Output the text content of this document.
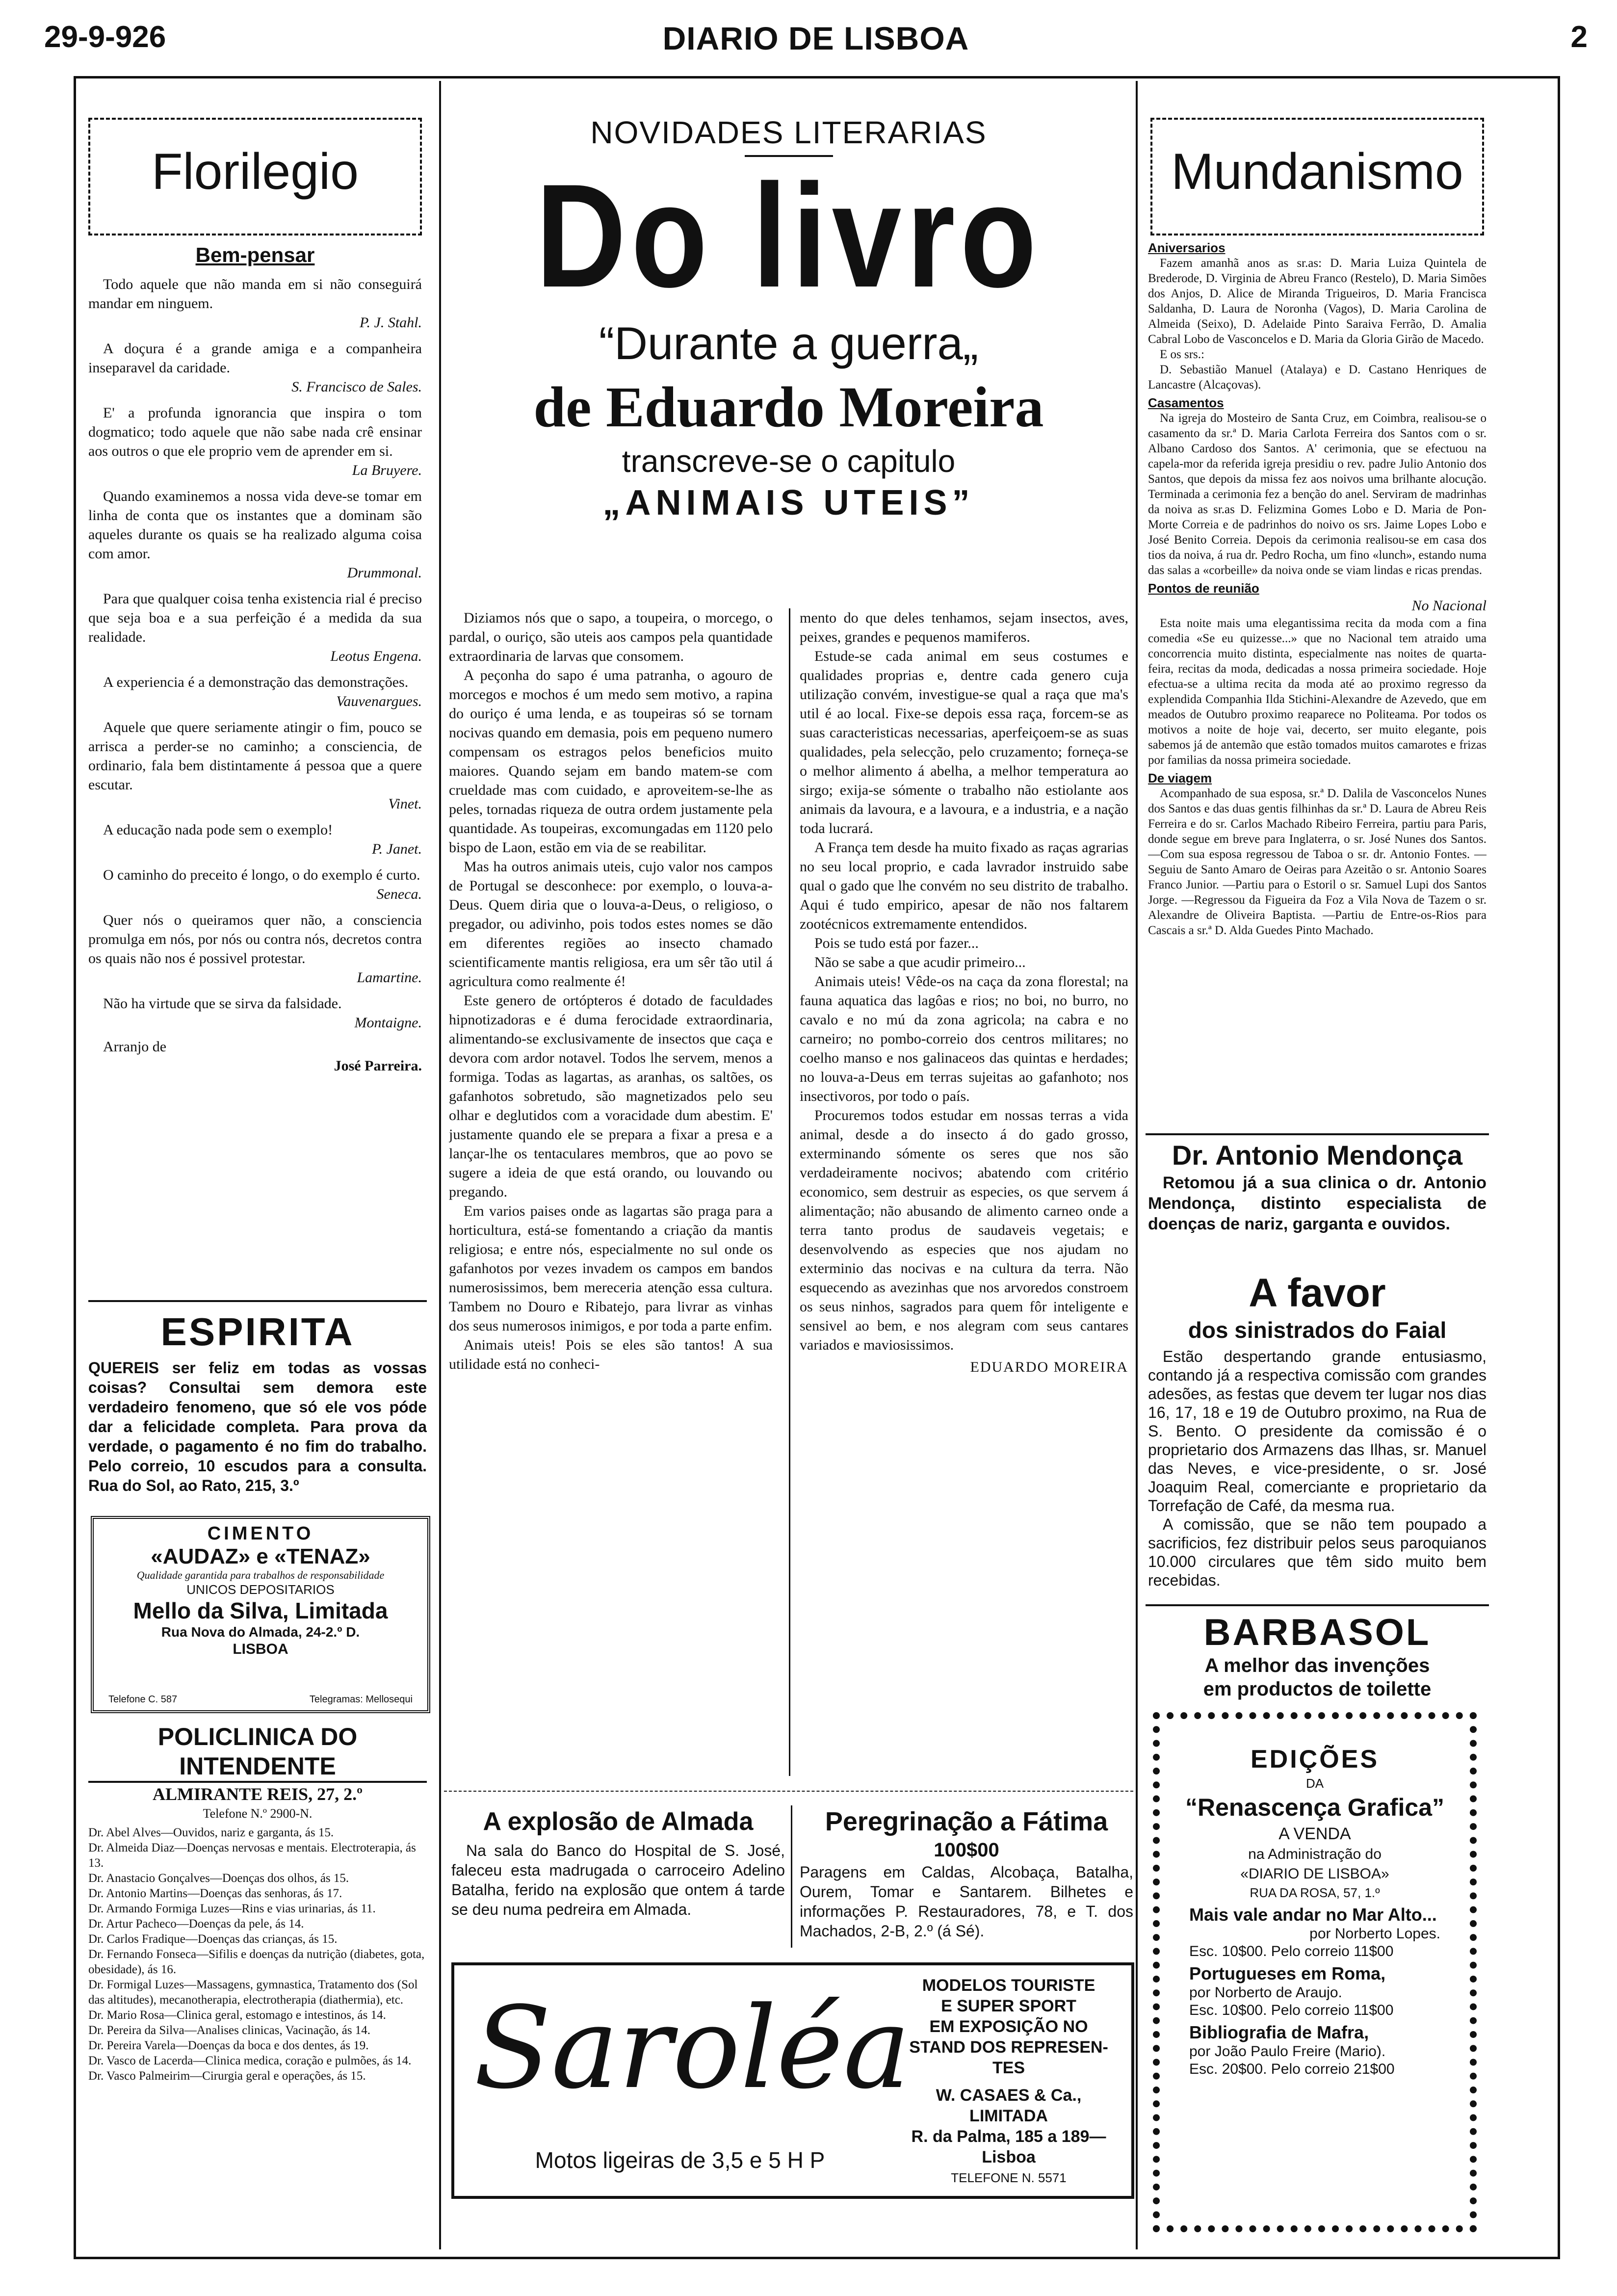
29-9-926	DIARIO DE LISBOA	2
Florilegio
Bem-pensar

Todo aquele que não manda em si não conseguirá mandar em ninguem.

P. J. Stahl.

A doçura é a grande amiga e a companheira inseparavel da caridade.

S. Francisco de Sales.

E' a profunda ignorancia que inspira o tom dogmatico; todo aquele que não sabe nada crê ensinar aos outros o que ele proprio vem de aprender em si.

La Bruyere.

Quando examinemos a nossa vida deve-se tomar em linha de conta que os instantes que a dominam são aqueles durante os quais se ha realizado alguma coisa com amor.

Drummonal.

Para que qualquer coisa tenha existencia rial é preciso que seja boa e a sua perfeição é a medida da sua realidade.

Leotus Engena.

A experiencia é a demonstração das demonstrações.

Vauvenargues.

Aquele que quere seriamente atingir o fim, pouco se arrisca a perder-se no caminho; a consciencia, de ordinario, fala bem distintamente á pessoa que a quere escutar.

Vinet.

A educação nada pode sem o exemplo!

P. Janet.

O caminho do preceito é longo, o do exemplo é curto.

Seneca.

Quer nós o queiramos quer não, a consciencia promulga em nós, por nós ou contra nós, decretos contra os quais não nos é possivel protestar.

Lamartine.

Não ha virtude que se sirva da falsidade.

Montaigne.

Arranjo de

José Parreira.

ESPIRITA

QUEREIS ser feliz em todas as vossas coisas? Consultai sem demora este verdadeiro fenomeno, que só ele vos póde dar a felicidade completa. Para prova da verdade, o pagamento é no fim do trabalho. Pelo correio, 10 escudos para a consulta. Rua do Sol, ao Rato, 215, 3.º

CIMENTO
«AUDAZ» e «TENAZ»
Qualidade garantida para trabalhos de responsabilidade
UNICOS DEPOSITARIOS
Mello da Silva, Limitada
Rua Nova do Almada, 24-2.º D.
LISBOA
Telefone C. 587	Telegramas: Mellosequi
POLICLINICA DO INTENDENTE
ALMIRANTE REIS, 27, 2.º
Telefone N.º 2900-N.

Dr. Abel Alves—Ouvidos, nariz e garganta, ás 15.

Dr. Almeida Diaz—Doenças nervosas e mentais. Electroterapia, ás 13.

Dr. Anastacio Gonçalves—Doenças dos olhos, ás 15.

Dr. Antonio Martins—Doenças das senhoras, ás 17.

Dr. Armando Formiga Luzes—Rins e vias urinarias, ás 11.

Dr. Artur Pacheco—Doenças da pele, ás 14.

Dr. Carlos Fradique—Doenças das crianças, ás 15.

Dr. Fernando Fonseca—Sifilis e doenças da nutrição (diabetes, gota, obesidade), ás 16.

Dr. Formigal Luzes—Massagens, gymnastica, Tratamento dos (Sol das altitudes), mecanotherapia, electrotherapia (diathermia), etc.

Dr. Mario Rosa—Clinica geral, estomago e intestinos, ás 14.

Dr. Pereira da Silva—Analises clinicas, Vacinação, ás 14.

Dr. Pereira Varela—Doenças da boca e dos dentes, ás 19.

Dr. Vasco de Lacerda—Clinica medica, coração e pulmões, ás 14.

Dr. Vasco Palmeirim—Cirurgia geral e operações, ás 15.

NOVIDADES LITERARIAS
Do livro
“Durante a guerra„
de Eduardo Moreira
transcreve-se o capitulo
„ANIMAIS UTEIS”

Diziamos nós que o sapo, a toupeira, o morcego, o pardal, o ouriço, são uteis aos campos pela quantidade extraordinaria de larvas que consomem.

A peçonha do sapo é uma patranha, o agouro de morcegos e mochos é um medo sem motivo, a rapina do ouriço é uma lenda, e as toupeiras só se tornam nocivas quando em demasia, pois em pequeno numero compensam os estragos pelos beneficios muito maiores. Quando sejam em bando matem-se com crueldade mas com cuidado, e aproveitem-se-lhe as peles, tornadas riqueza de outra ordem justamente pela quantidade. As toupeiras, excomungadas em 1120 pelo bispo de Laon, estão em via de se reabilitar.

Mas ha outros animais uteis, cujo valor nos campos de Portugal se desconhece: por exemplo, o louva-a-Deus. Quem diria que o louva-a-Deus, o religioso, o pregador, ou adivinho, pois todos estes nomes se dão em diferentes regiões ao insecto chamado scientificamente mantis religiosa, era um sêr tão util á agricultura como realmente é!

Este genero de ortópteros é dotado de faculdades hipnotizadoras e é duma ferocidade extraordinaria, alimentando-se exclusivamente de insectos que caça e devora com ardor notavel. Todos lhe servem, menos a formiga. Todas as lagartas, as aranhas, os saltões, os gafanhotos sobretudo, são magnetizados pelo seu olhar e deglutidos com a voracidade dum abestim. E' justamente quando ele se prepara a fixar a presa e a lançar-lhe os tentaculares membros, que ao povo se sugere a ideia de que está orando, ou louvando ou pregando.

Em varios paises onde as lagartas são praga para a horticultura, está-se fomentando a criação da mantis religiosa; e entre nós, especialmente no sul onde os gafanhotos por vezes invadem os campos em bandos numerosissimos, bem mereceria atenção essa cultura. Tambem no Douro e Ribatejo, para livrar as vinhas dos seus numerosos inimigos, e por toda a parte enfim.

Animais uteis! Pois se eles são tantos! A sua utilidade está no conheci-

mento do que deles tenhamos, sejam insectos, aves, peixes, grandes e pequenos mamiferos.

Estude-se cada animal em seus costumes e qualidades proprias e, dentre cada genero cuja utilização convém, investigue-se qual a raça que ma's util é ao local. Fixe-se depois essa raça, forcem-se as suas caracteristicas necessarias, aperfeiçoem-se as suas qualidades, pela selecção, pelo cruzamento; forneça-se o melhor alimento á abelha, a melhor temperatura ao sirgo; exija-se sómente o trabalho não estiolante aos animais da lavoura, e a lavoura, e a industria, e a nação toda lucrará.

A França tem desde ha muito fixado as raças agrarias no seu local proprio, e cada lavrador instruido sabe qual o gado que lhe convém no seu distrito de trabalho. Aqui é tudo empirico, apesar de não nos faltarem zootécnicos extremamente entendidos.

Pois se tudo está por fazer...

Não se sabe a que acudir primeiro...

Animais uteis! Vêde-os na caça da zona florestal; na fauna aquatica das lagôas e rios; no boi, no burro, no cavalo e no mú da zona agricola; na cabra e no carneiro; no pombo-correio dos centros militares; no coelho manso e nos galinaceos das quintas e herdades; no louva-a-Deus em terras sujeitas ao gafanhoto; nos insectivoros, por todo o país.

Procuremos todos estudar em nossas terras a vida animal, desde a do insecto á do gado grosso, exterminando sómente os seres que nos são verdadeiramente nocivos; abatendo com critério economico, sem destruir as especies, os que servem á alimentação; não abusando de alimento carneo onde a terra tanto produs de saudaveis vegetais; e desenvolvendo as especies que nos ajudam no exterminio das nocivas e na cultura da terra. Não esquecendo as avezinhas que nos arvoredos constroem os seus ninhos, sagrados para quem fôr inteligente e sensivel ao bem, e nos alegram com seus cantares variados e maviosissimos.

EDUARDO MOREIRA

A explosão de Almada

Na sala do Banco do Hospital de S. José, faleceu esta madrugada o carroceiro Adelino Batalha, ferido na explosão que ontem á tarde se deu numa pedreira em Almada.

Peregrinação a Fátima
100$00

Paragens em Caldas, Alcobaça, Batalha, Ourem, Tomar e Santarem. Bilhetes e informações P. Restauradores, 78, e T. dos Machados, 2-B, 2.º (á Sé).

Saroléa
Motos ligeiras de 3,5 e 5 H P
MODELOS TOURISTE
E SUPER SPORT
EM EXPOSIÇÃO NO
STAND DOS REPRESEN-
TES
W. CASAES & Ca., LIMITADA
R. da Palma, 185 a 189—Lisboa
TELEFONE N. 5571
Mundanismo
Aniversarios

Fazem amanhã anos as sr.as: D. Maria Luiza Quintela de Brederode, D. Virginia de Abreu Franco (Restelo), D. Maria Simões dos Anjos, D. Alice de Miranda Trigueiros, D. Maria Francisca Saldanha, D. Laura de Noronha (Vagos), D. Maria Carolina de Almeida (Seixo), D. Adelaide Pinto Saraiva Ferrão, D. Amalia Cabral Lobo de Vasconcelos e D. Maria da Gloria Girão de Macedo.

E os srs.:

D. Sebastião Manuel (Atalaya) e D. Castano Henriques de Lancastre (Alcaçovas).

Casamentos

Na igreja do Mosteiro de Santa Cruz, em Coimbra, realisou-se o casamento da sr.ª D. Maria Carlota Ferreira dos Santos com o sr. Albano Cardoso dos Santos. A' cerimonia, que se efectuou na capela-mor da referida igreja presidiu o rev. padre Julio Antonio dos Santos, que depois da missa fez aos noivos uma brilhante alocução. Terminada a cerimonia fez a benção do anel. Serviram de madrinhas da noiva as sr.as D. Felizmina Gomes Lobo e D. Maria de Pon-Morte Correia e de padrinhos do noivo os srs. Jaime Lopes Lobo e José Benito Correia. Depois da cerimonia realisou-se em casa dos tios da noiva, á rua dr. Pedro Rocha, um fino «lunch», estando numa das salas a «corbeille» da noiva onde se viam lindas e ricas prendas.

Pontos de reunião

No Nacional

Esta noite mais uma elegantissima recita da moda com a fina comedia «Se eu quizesse...» que no Nacional tem atraido uma concorrencia muito distinta, especialmente nas noites de quarta-feira, recitas da moda, dedicadas a nossa primeira sociedade. Hoje efectua-se a ultima recita da moda até ao proximo regresso da explendida Companhia Ilda Stichini-Alexandre de Azevedo, que em meados de Outubro proximo reaparece no Politeama. Por todos os motivos a noite de hoje vai, decerto, ser muito elegante, pois sabemos já de antemão que estão tomados muitos camarotes e frizas por familias da nossa primeira sociedade.

De viagem

Acompanhado de sua esposa, sr.ª D. Dalila de Vasconcelos Nunes dos Santos e das duas gentis filhinhas da sr.ª D. Laura de Abreu Reis Ferreira e do sr. Carlos Machado Ribeiro Ferreira, partiu para Paris, donde segue em breve para Inglaterra, o sr. José Nunes dos Santos. —Com sua esposa regressou de Taboa o sr. dr. Antonio Fontes. —Seguiu de Santo Amaro de Oeiras para Azeitão o sr. Antonio Soares Franco Junior. —Partiu para o Estoril o sr. Samuel Lupi dos Santos Jorge. —Regressou da Figueira da Foz a Vila Nova de Tazem o sr. Alexandre de Oliveira Baptista. —Partiu de Entre-os-Rios para Cascais a sr.ª D. Alda Guedes Pinto Machado.

Dr. Antonio Mendonça

Retomou já a sua clinica o dr. Antonio Mendonça, distinto especialista de doenças de nariz, garganta e ouvidos.

A favor
dos sinistrados do Faial

Estão despertando grande entusiasmo, contando já a respectiva comissão com grandes adesões, as festas que devem ter lugar nos dias 16, 17, 18 e 19 de Outubro proximo, na Rua de S. Bento. O presidente da comissão é o proprietario dos Armazens das Ilhas, sr. Manuel das Neves, e vice-presidente, o sr. José Joaquim Real, comerciante e proprietario da Torrefação de Café, da mesma rua.

A comissão, que se não tem poupado a sacrificios, fez distribuir pelos seus paroquianos 10.000 circulares que têm sido muito bem recebidas.

BARBASOL
A melhor das invenções
em productos de toilette
EDIÇÕES
DA
“Renascença Grafica”
A VENDA
na Administração do
«DIARIO DE LISBOA»
RUA DA ROSA, 57, 1.º

Mais vale andar no Mar Alto...

por Norberto Lopes.

Esc. 10$00. Pelo correio 11$00

Portugueses em Roma,

por Norberto de Araujo.

Esc. 10$00. Pelo correio 11$00

Bibliografia de Mafra,

por João Paulo Freire (Mario).

Esc. 20$00. Pelo correio 21$00
